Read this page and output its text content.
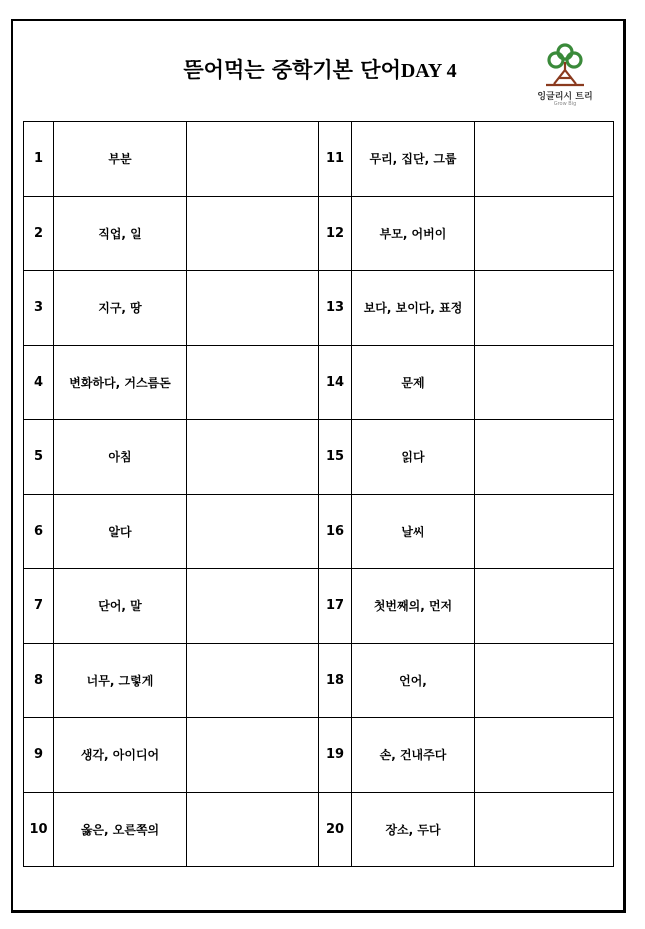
뜯어먹는 중학기본 단어DAY 4
잉글리시 트리
Grow Big
1	부분		11	무리, 집단, 그룹	
2	직업, 일		12	부모, 어버이	
3	지구, 땅		13	보다, 보이다, 표정	
4	변화하다, 거스름돈		14	문제	
5	아침		15	읽다	
6	알다		16	날씨	
7	단어, 말		17	첫번째의, 먼저	
8	너무, 그렇게		18	언어,	
9	생각, 아이디어		19	손, 건내주다	
10	옳은, 오른쪽의		20	장소, 두다	
